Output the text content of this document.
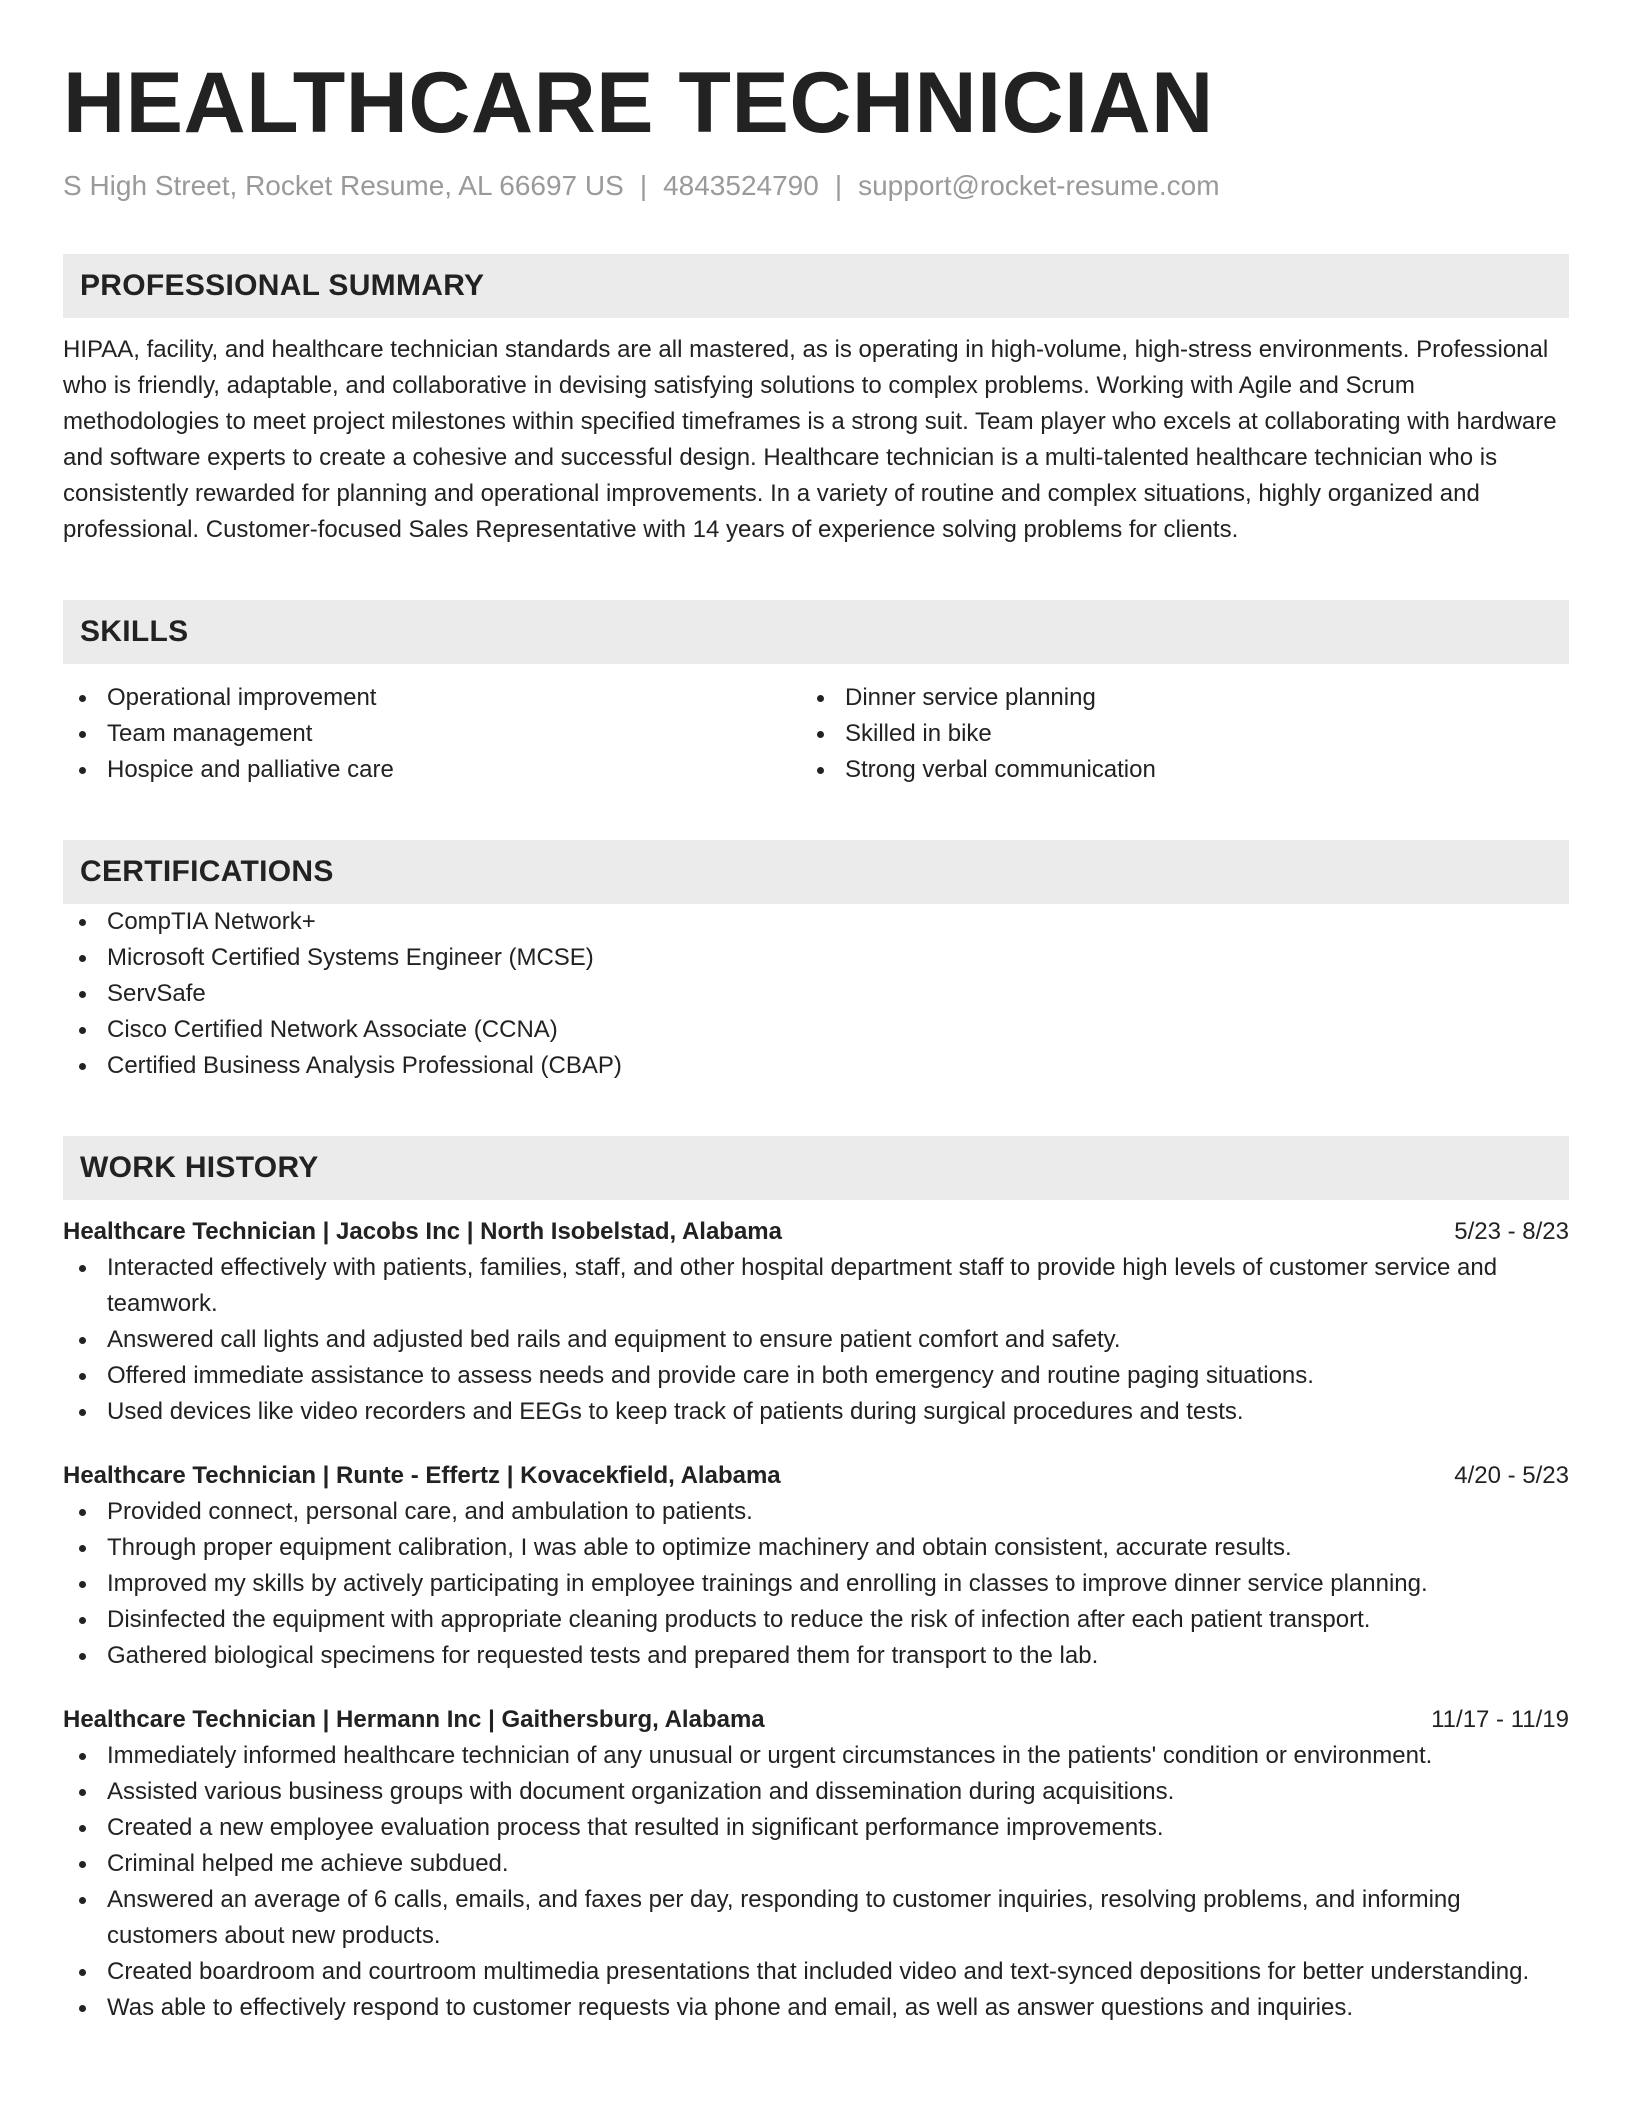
HEALTHCARE TECHNICIAN
S High Street, Rocket Resume, AL 66697 US | 4843524790 | support@rocket-resume.com
PROFESSIONAL SUMMARY
HIPAA, facility, and healthcare technician standards are all mastered, as is operating in high-volume, high-stress environments. Professional who is friendly, adaptable, and collaborative in devising satisfying solutions to complex problems. Working with Agile and Scrum methodologies to meet project milestones within specified timeframes is a strong suit. Team player who excels at collaborating with hardware and software experts to create a cohesive and successful design. Healthcare technician is a multi-talented healthcare technician who is consistently rewarded for planning and operational improvements. In a variety of routine and complex situations, highly organized and professional. Customer-focused Sales Representative with 14 years of experience solving problems for clients.
SKILLS
Operational improvement
Team management
Hospice and palliative care
Dinner service planning
Skilled in bike
Strong verbal communication
CERTIFICATIONS
CompTIA Network+
Microsoft Certified Systems Engineer (MCSE)
ServSafe
Cisco Certified Network Associate (CCNA)
Certified Business Analysis Professional (CBAP)
WORK HISTORY
Healthcare Technician | Jacobs Inc | North Isobelstad, Alabama	5/23 - 8/23
Interacted effectively with patients, families, staff, and other hospital department staff to provide high levels of customer service and teamwork.
Answered call lights and adjusted bed rails and equipment to ensure patient comfort and safety.
Offered immediate assistance to assess needs and provide care in both emergency and routine paging situations.
Used devices like video recorders and EEGs to keep track of patients during surgical procedures and tests.
Healthcare Technician | Runte - Effertz | Kovacekfield, Alabama	4/20 - 5/23
Provided connect, personal care, and ambulation to patients.
Through proper equipment calibration, I was able to optimize machinery and obtain consistent, accurate results.
Improved my skills by actively participating in employee trainings and enrolling in classes to improve dinner service planning.
Disinfected the equipment with appropriate cleaning products to reduce the risk of infection after each patient transport.
Gathered biological specimens for requested tests and prepared them for transport to the lab.
Healthcare Technician | Hermann Inc | Gaithersburg, Alabama	11/17 - 11/19
Immediately informed healthcare technician of any unusual or urgent circumstances in the patients' condition or environment.
Assisted various business groups with document organization and dissemination during acquisitions.
Created a new employee evaluation process that resulted in significant performance improvements.
Criminal helped me achieve subdued.
Answered an average of 6 calls, emails, and faxes per day, responding to customer inquiries, resolving problems, and informing customers about new products.
Created boardroom and courtroom multimedia presentations that included video and text-synced depositions for better understanding.
Was able to effectively respond to customer requests via phone and email, as well as answer questions and inquiries.
